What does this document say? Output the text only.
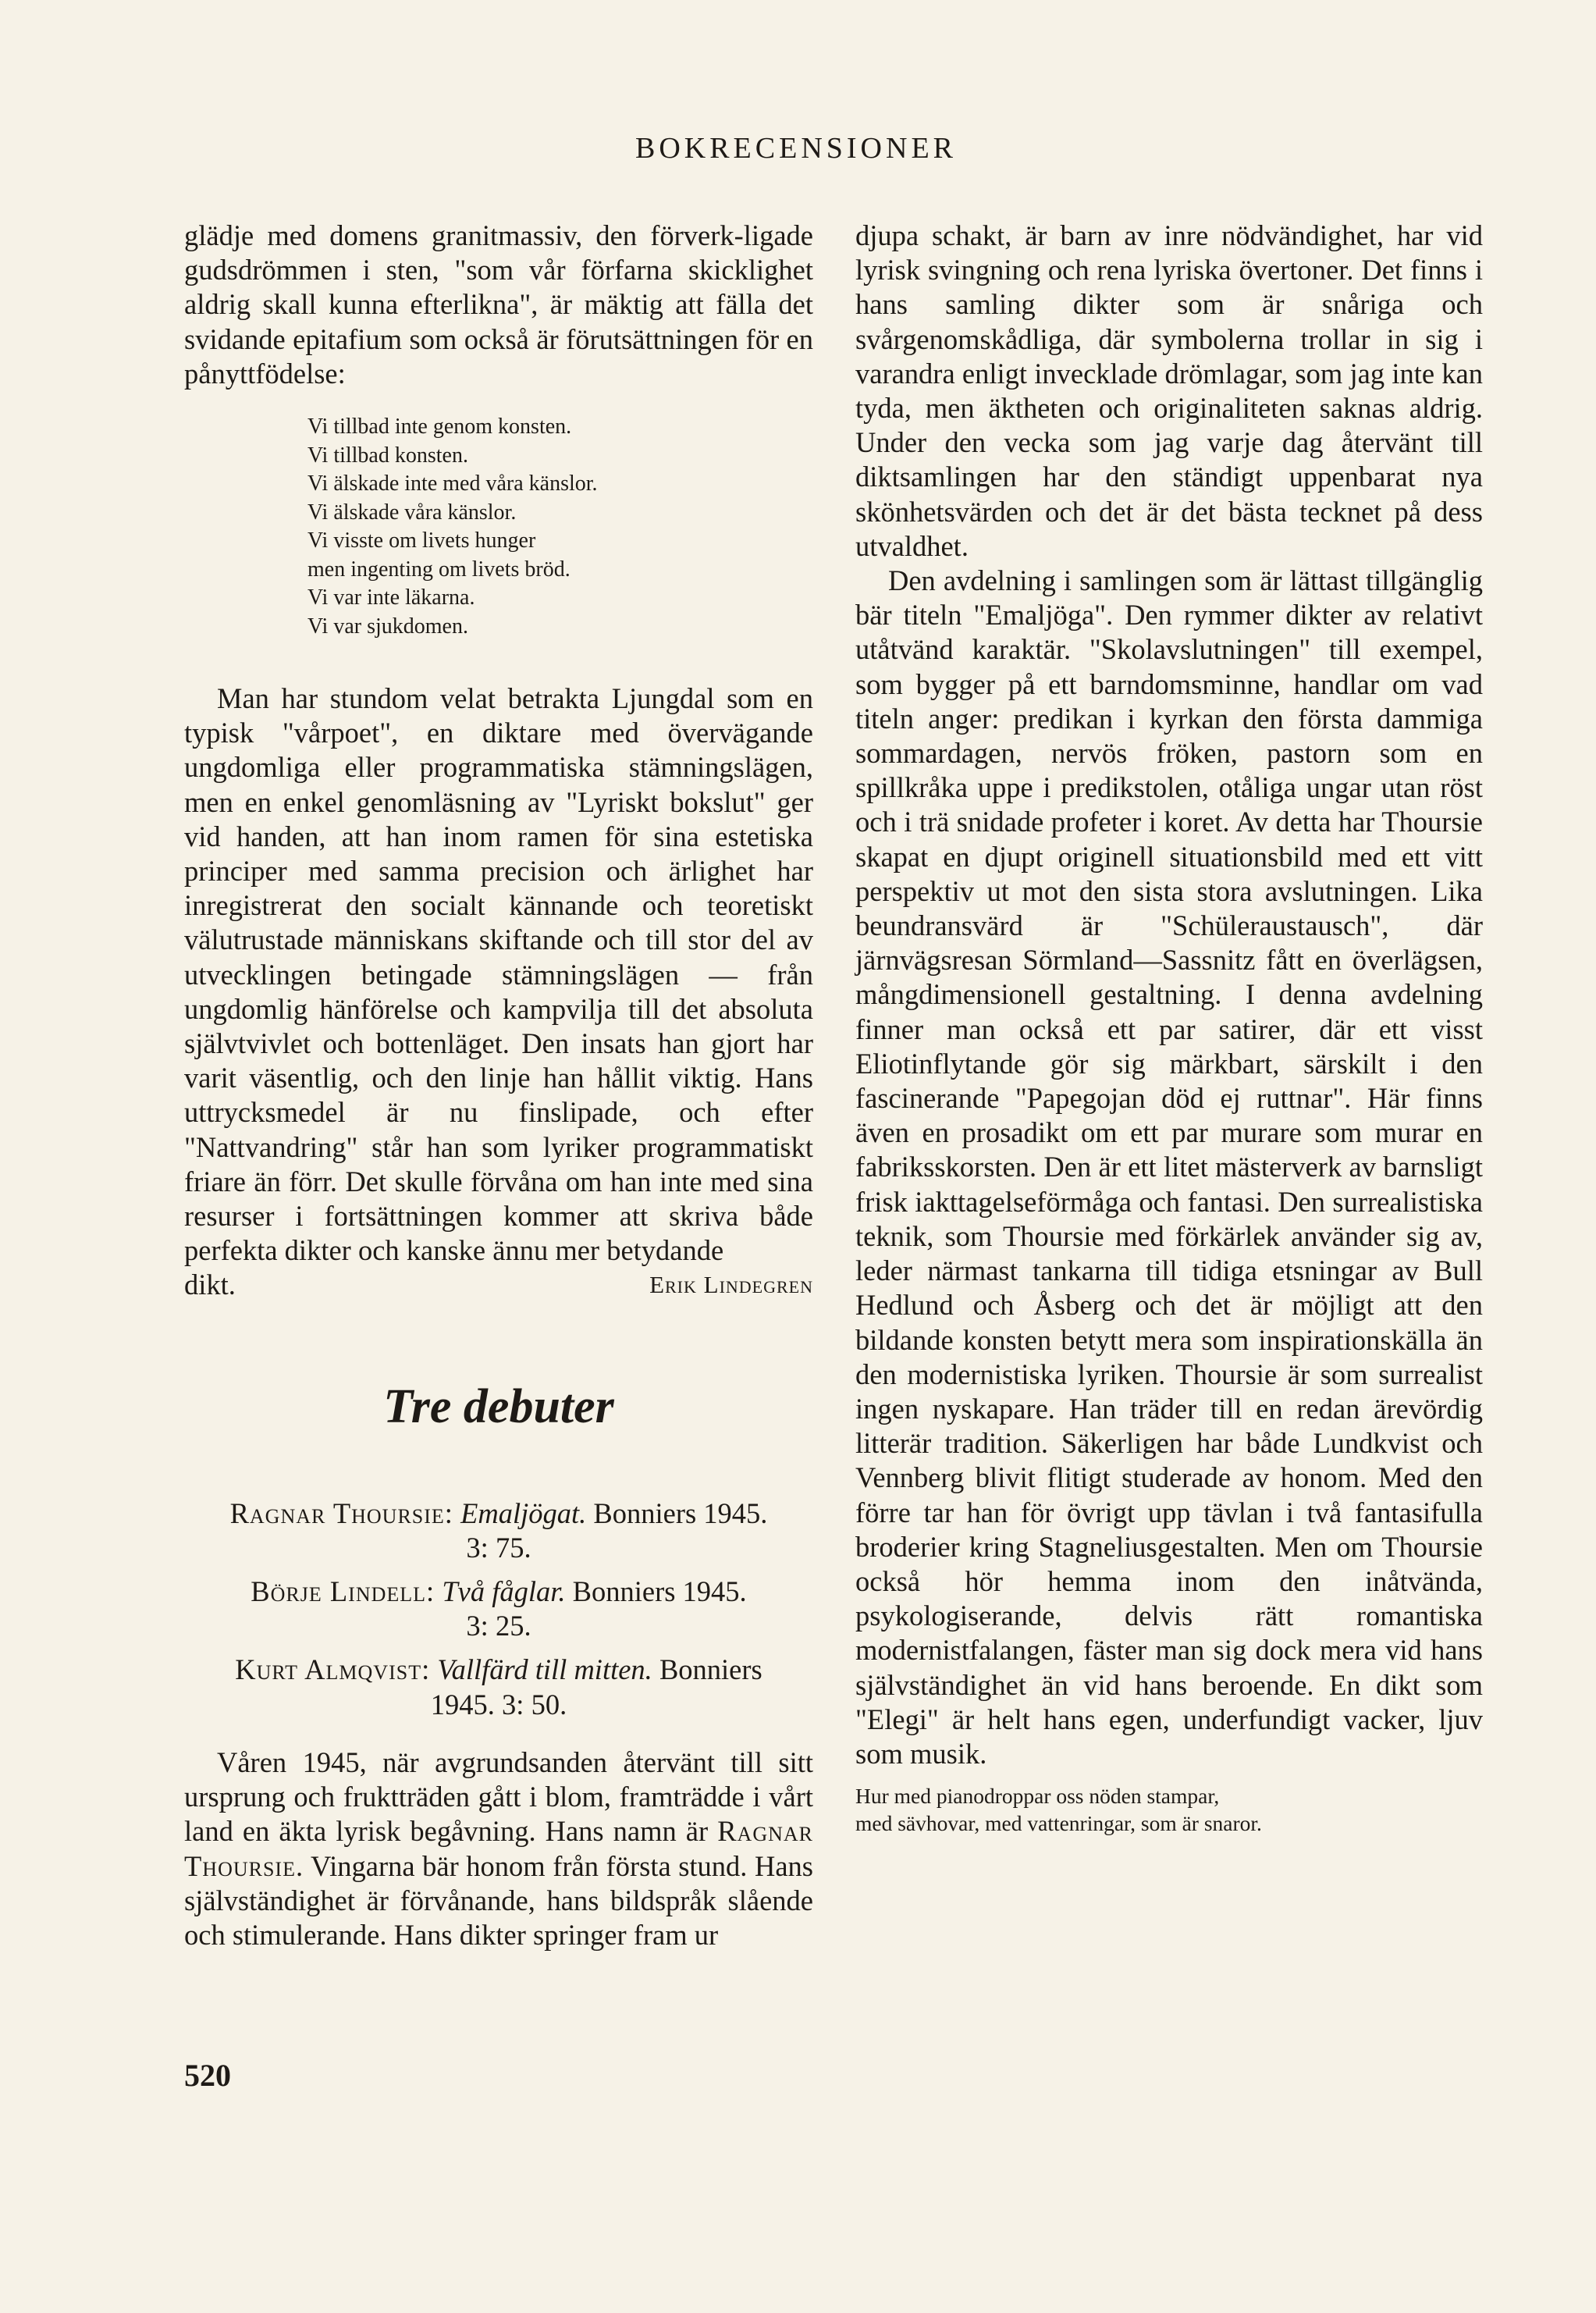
BOKRECENSIONER

glädje med domens granitmassiv, den förverk-ligade gudsdrömmen i sten, "som vår förfarna skicklighet aldrig skall kunna efterlikna", är mäktig att fälla det svidande epitafium som också är förutsättningen för en pånyttfödelse:

Vi tillbad inte genom konsten.
Vi tillbad konsten.
Vi älskade inte med våra känslor.
Vi älskade våra känslor.
Vi visste om livets hunger
men ingenting om livets bröd.
Vi var inte läkarna.
Vi var sjukdomen.

Man har stundom velat betrakta Ljungdal som en typisk "vårpoet", en diktare med övervägande ungdomliga eller programmatiska stämningslägen, men en enkel genomläsning av "Lyriskt bokslut" ger vid handen, att han inom ramen för sina estetiska principer med samma precision och ärlighet har inregistrerat den socialt kännande och teoretiskt välutrustade människans skiftande och till stor del av utvecklingen betingade stämningslägen — från ungdomlig hänförelse och kampvilja till det absoluta självtvivlet och bottenläget. Den insats han gjort har varit väsentlig, och den linje han hållit viktig. Hans uttrycksmedel är nu finslipade, och efter "Nattvandring" står han som lyriker programmatiskt friare än förr. Det skulle förvåna om han inte med sina resurser i fortsättningen kommer att skriva både perfekta dikter och kanske ännu mer betydande

dikt.	Erik Lindegren
Tre debuter
Ragnar Thoursie: Emaljögat. Bonniers 1945.
3: 75.
Börje Lindell: Två fåglar. Bonniers 1945.
3: 25.
Kurt Almqvist: Vallfärd till mitten. Bonniers
1945. 3: 50.

Våren 1945, när avgrundsanden återvänt till sitt ursprung och fruktträden gått i blom, framträdde i vårt land en äkta lyrisk begåvning. Hans namn är Ragnar Thoursie. Vingarna bär honom från första stund. Hans självständighet är förvånande, hans bildspråk slående och stimulerande. Hans dikter springer fram ur

djupa schakt, är barn av inre nödvändighet, har vid lyrisk svingning och rena lyriska övertoner. Det finns i hans samling dikter som är snåriga och svårgenomskådliga, där symbolerna trollar in sig i varandra enligt invecklade drömlagar, som jag inte kan tyda, men äktheten och originaliteten saknas aldrig. Under den vecka som jag varje dag återvänt till diktsamlingen har den ständigt uppenbarat nya skönhetsvärden och det är det bästa tecknet på dess utvaldhet.

Den avdelning i samlingen som är lättast tillgänglig bär titeln "Emaljöga". Den rymmer dikter av relativt utåtvänd karaktär. "Skolavslutningen" till exempel, som bygger på ett barndomsminne, handlar om vad titeln anger: predikan i kyrkan den första dammiga sommardagen, nervös fröken, pastorn som en spillkråka uppe i predikstolen, otåliga ungar utan röst och i trä snidade profeter i koret. Av detta har Thoursie skapat en djupt originell situationsbild med ett vitt perspektiv ut mot den sista stora avslutningen. Lika beundransvärd är "Schüleraustausch", där järnvägsresan Sörmland—Sassnitz fått en överlägsen, mångdimensionell gestaltning. I denna avdelning finner man också ett par satirer, där ett visst Eliotinflytande gör sig märkbart, särskilt i den fascinerande "Papegojan död ej ruttnar". Här finns även en prosadikt om ett par murare som murar en fabriksskorsten. Den är ett litet mästerverk av barnsligt frisk iakttagelseförmåga och fantasi. Den surrealistiska teknik, som Thoursie med förkärlek använder sig av, leder närmast tankarna till tidiga etsningar av Bull Hedlund och Åsberg och det är möjligt att den bildande konsten betytt mera som inspirationskälla än den modernistiska lyriken. Thoursie är som surrealist ingen nyskapare. Han träder till en redan ärevördig litterär tradition. Säkerligen har både Lundkvist och Vennberg blivit flitigt studerade av honom. Med den förre tar han för övrigt upp tävlan i två fantasifulla broderier kring Stagneliusgestalten. Men om Thoursie också hör hemma inom den inåtvända, psykologiserande, delvis rätt romantiska modernistfalangen, fäster man sig dock mera vid hans självständighet än vid hans beroende. En dikt som "Elegi" är helt hans egen, underfundigt vacker, ljuv som musik.

Hur med pianodroppar oss nöden stampar,
med sävhovar, med vattenringar, som är snaror.
520
